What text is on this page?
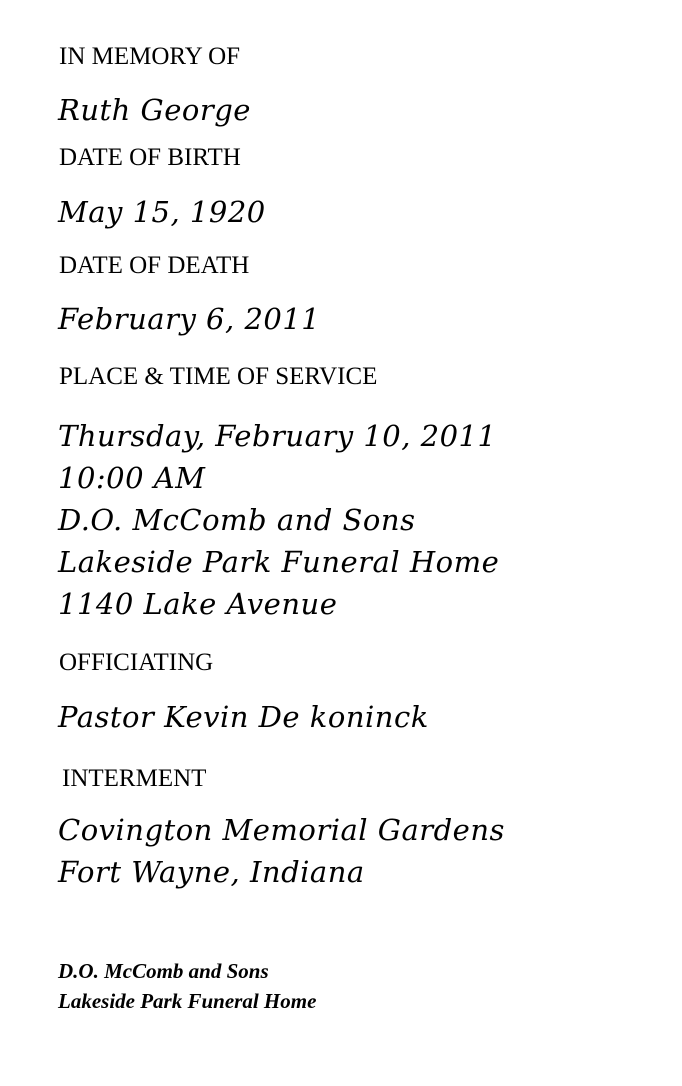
IN MEMORY OF
Ruth George
DATE OF BIRTH
May 15, 1920
DATE OF DEATH
February 6, 2011
PLACE & TIME OF SERVICE
Thursday, February 10, 2011
10:00 AM
D.O. McComb and Sons
Lakeside Park Funeral Home
1140 Lake Avenue
OFFICIATING
Pastor Kevin De koninck
INTERMENT
Covington Memorial Gardens
Fort Wayne, Indiana
D.O. McComb and Sons
Lakeside Park Funeral Home
